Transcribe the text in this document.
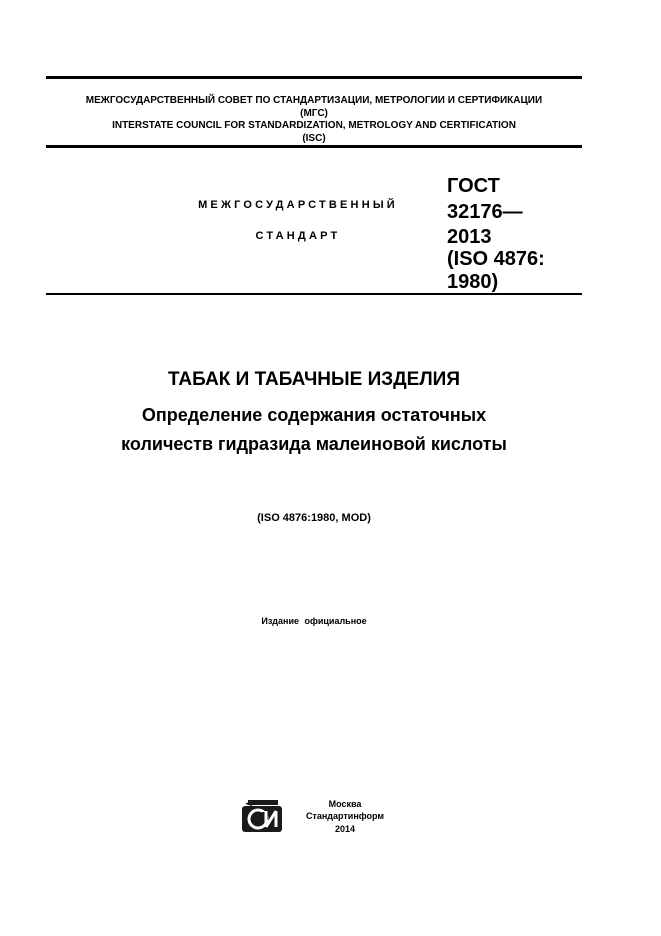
МЕЖГОСУДАРСТВЕННЫЙ СОВЕТ ПО СТАНДАРТИЗАЦИИ, МЕТРОЛОГИИ И СЕРТИФИКАЦИИ
(МГС)
INTERSTATE COUNCIL FOR STANDARDIZATION, METROLOGY AND CERTIFICATION
(ISC)
МЕЖГОСУДАРСТВЕННЫЙ
СТАНДАРТ
ГОСТ
32176—
2013
(ISO 4876:
1980)
ТАБАК И ТАБАЧНЫЕ ИЗДЕЛИЯ
Определение содержания остаточных
количеств гидразида малеиновой кислоты
(ISO 4876:1980, MOD)
Издание официальное
Москва
Стандартинформ
2014
